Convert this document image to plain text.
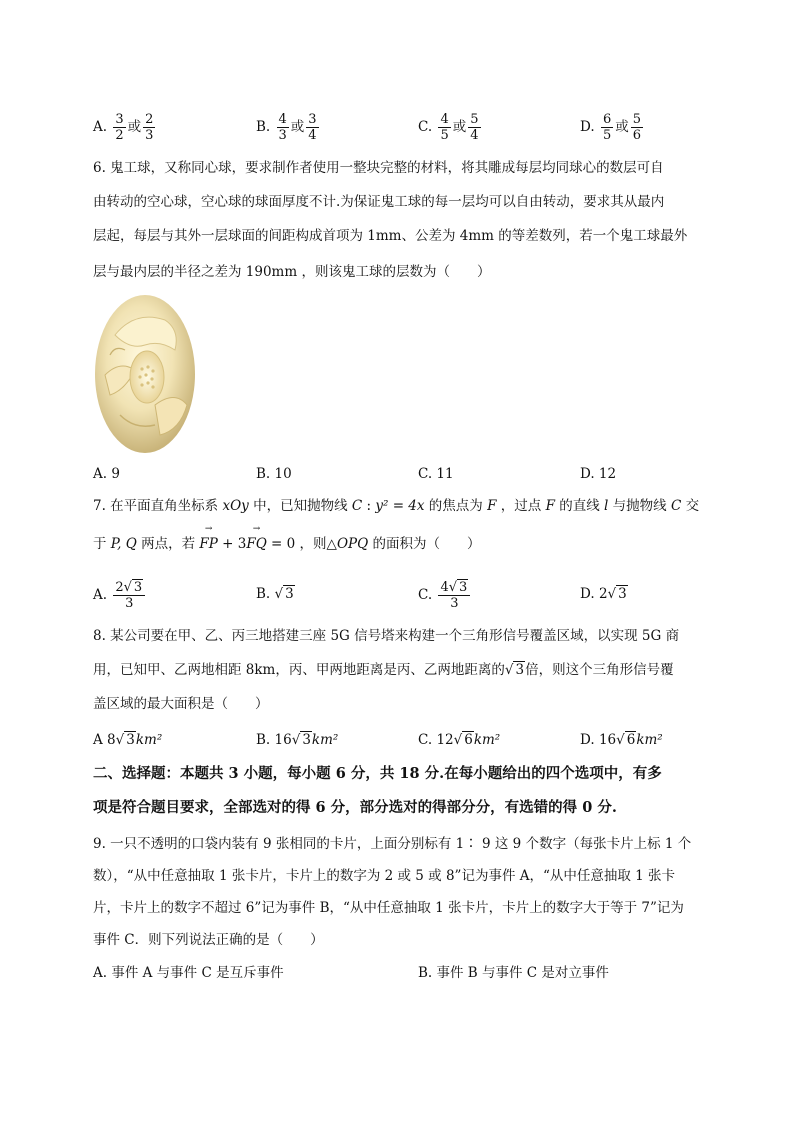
A. $\frac{3}{2}$ 或 $\frac{2}{3}$	B. $\frac{4}{3}$ 或 $\frac{3}{4}$	C. $\frac{4}{5}$ 或 $\frac{5}{4}$	D. $\frac{6}{5}$ 或 $\frac{5}{6}$
6. 鬼工球，又称同心球，要求制作者使用一整块完整的材料，将其雕成每层均同球心的数层可自
由转动的空心球，空心球的球面厚度不计.为保证鬼工球的每一层均可以自由转动，要求其从最内
层起，每层与其外一层球面的间距构成首项为 1mm、公差为 4mm 的等差数列，若一个鬼工球最外
层与最内层的半径之差为 190mm ，则该鬼工球的层数为（　　）
A. 9	B. 10	C. 11	D. 12
7. 在平面直角坐标系 xOy 中，已知抛物线 C : y² = 4x 的焦点为 F ，过点 F 的直线 l 与抛物线 C 交
于 P, Q 两点，若
→
FP + 3
→
FQ = 0 ，则△OPQ 的面积为（　　）
A. $\frac{2√ 3}{3}$	B. √ 3	C. $\frac{4√ 3}{3}$	D. 2√ 3
8. 某公司要在甲、乙、丙三地搭建三座 5G 信号塔来构建一个三角形信号覆盖区域，以实现 5G 商
用，已知甲、乙两地相距 8km，丙、甲两地距离是丙、乙两地距离的√ 3倍，则这个三角形信号覆
盖区域的最大面积是（　　）
A 8√ 3km²	B. 16√ 3km²	C. 12√ 6km²	D. 16√ 6km²
二、选择题：本题共 3 小题，每小题 6 分，共 18 分.在每小题给出的四个选项中，有多
项是符合题目要求，全部选对的得 6 分，部分选对的得部分分，有选错的得 0 分.
9. 一只不透明的口袋内装有 9 张相同的卡片，上面分别标有 1∶ 9 这 9 个数字（每张卡片上标 1 个
数），“从中任意抽取 1 张卡片，卡片上的数字为 2 或 5 或 8”记为事件 A，“从中任意抽取 1 张卡
片，卡片上的数字不超过 6”记为事件 B，“从中任意抽取 1 张卡片，卡片上的数字大于等于 7”记为
事件 C．则下列说法正确的是（　　）
A. 事件 A 与事件 C 是互斥事件	B. 事件 B 与事件 C 是对立事件
